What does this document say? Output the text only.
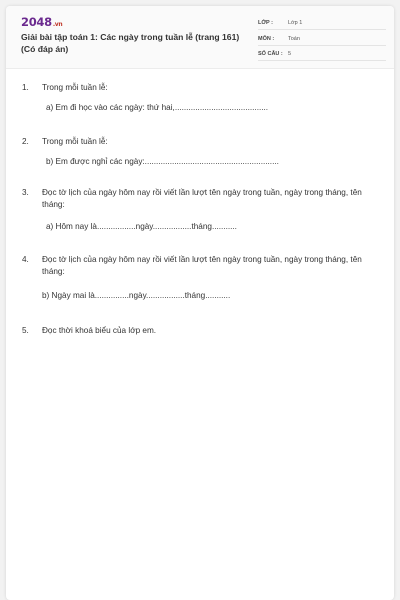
2048.vn
Giải bài tập toán 1: Các ngày trong tuần lễ (trang 161) (Có đáp án)
LỚP :	Lớp 1
MÔN :	Toán
SỐ CÂU : 5
1.	Trong mỗi tuần lễ:
a) Em đi học vào các ngày: thứ hai,.........................................
2.	Trong mỗi tuần lễ:
b) Em được nghỉ các ngày:...........................................................
3.	Đọc tờ lịch của ngày hôm nay rồi viết lần lượt tên ngày trong tuần, ngày trong tháng, tên tháng:
a) Hôm nay là.................ngày.................tháng...........
4.	Đọc tờ lịch của ngày hôm nay rồi viết lần lượt tên ngày trong tuần, ngày trong tháng, tên tháng:
b) Ngày mai là...............ngày.................tháng...........
5.	Đọc thời khoá biểu của lớp em.
